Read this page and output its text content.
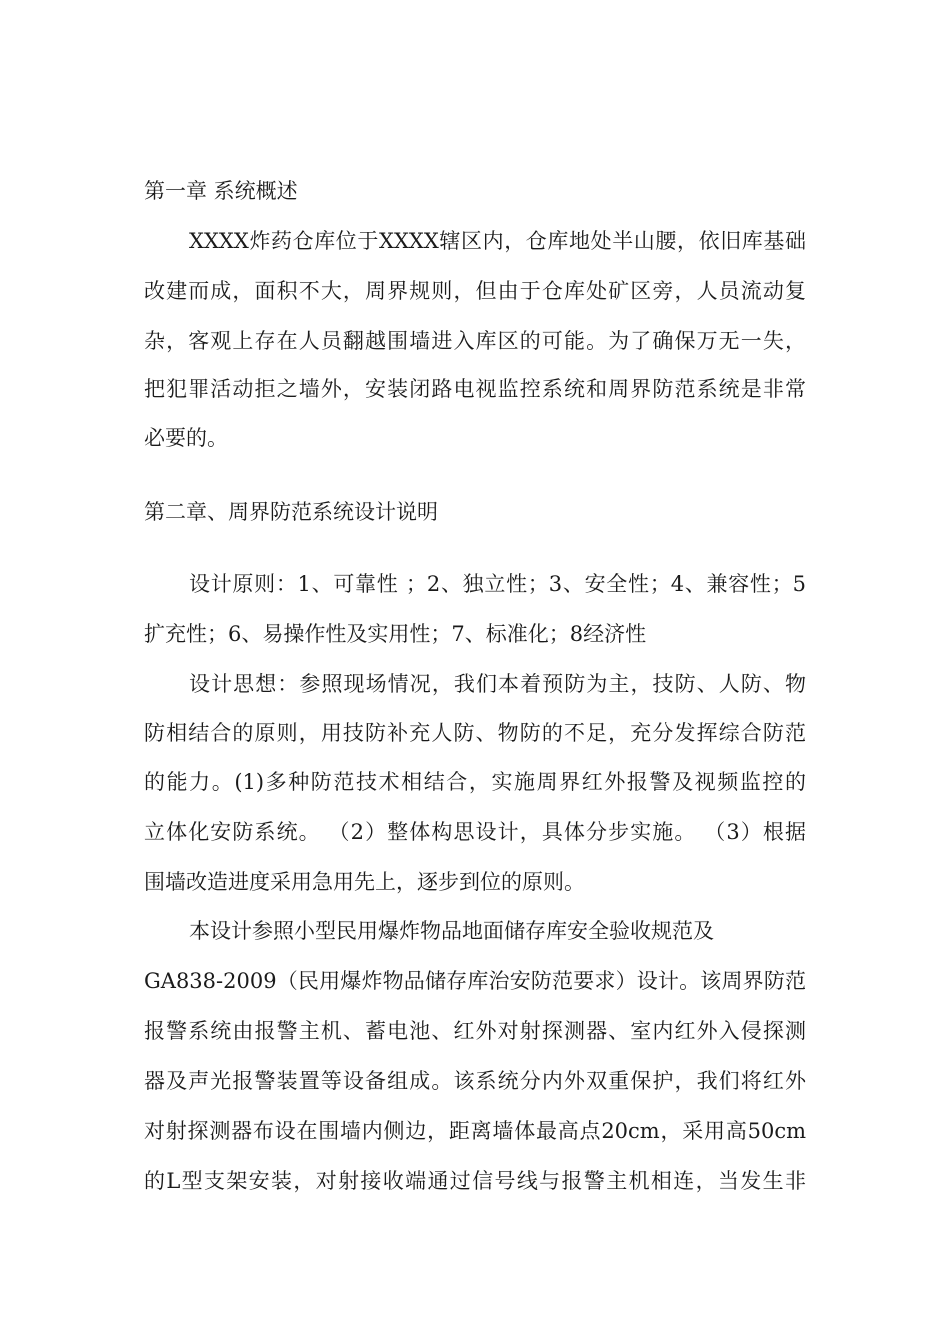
第一章 系统概述

XXXX炸药仓库位于XXXX辖区内，仓库地处半山腰，依旧库基础

改建而成，面积不大，周界规则，但由于仓库处矿区旁，人员流动复

杂，客观上存在人员翻越围墙进入库区的可能。为了确保万无一失，

把犯罪活动拒之墙外，安装闭路电视监控系统和周界防范系统是非常

必要的。

第二章、周界防范系统设计说明

设计原则：1、可靠性 ；2、独立性；3、安全性；4、兼容性；5

扩充性；6、易操作性及实用性；7、标准化；8经济性

设计思想：参照现场情况，我们本着预防为主，技防、人防、物

防相结合的原则，用技防补充人防、物防的不足，充分发挥综合防范

的能力。(1)多种防范技术相结合，实施周界红外报警及视频监控的

立体化安防系统。 （2）整体构思设计，具体分步实施。 （3）根据

围墙改造进度采用急用先上，逐步到位的原则。

本设计参照小型民用爆炸物品地面储存库安全验收规范及

GA838-2009（民用爆炸物品储存库治安防范要求）设计。该周界防范

报警系统由报警主机、蓄电池、红外对射探测器、室内红外入侵探测

器及声光报警装置等设备组成。该系统分内外双重保护，我们将红外

对射探测器布设在围墙内侧边，距离墙体最高点20cm，采用高50cm

的L型支架安装，对射接收端通过信号线与报警主机相连，当发生非
